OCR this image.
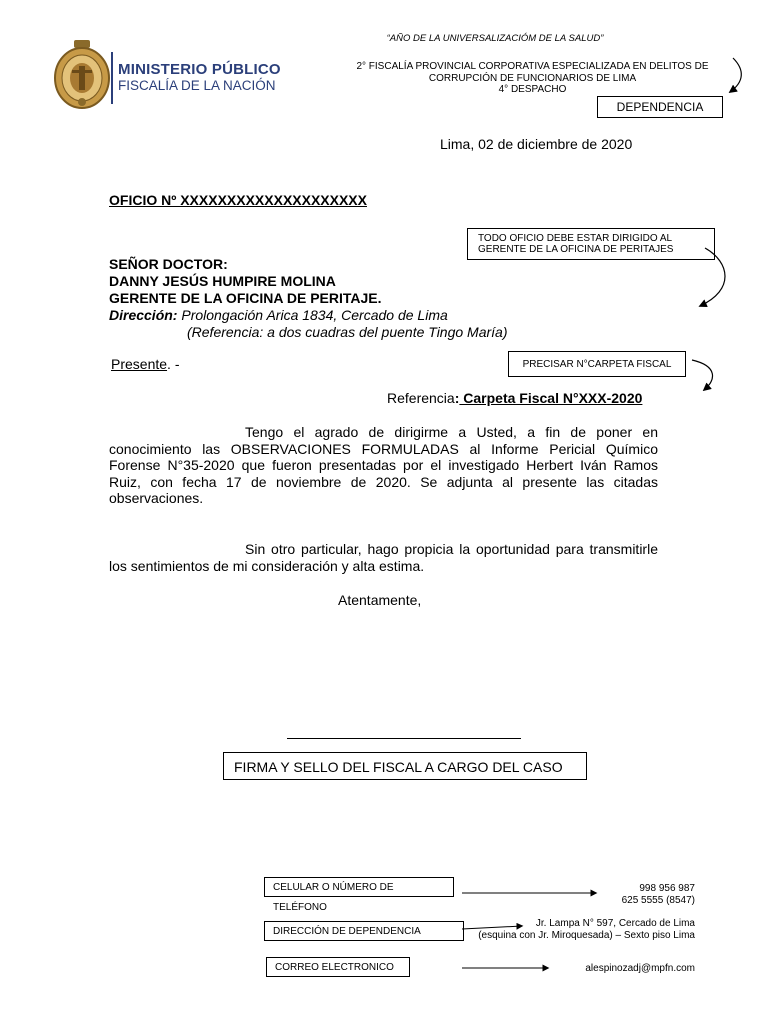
“AÑO DE LA UNIVERSALIZACIÓM DE LA SALUD”
MINISTERIO PÚBLICO
FISCALÍA DE LA NACIÓN
2° FISCALÍA PROVINCIAL CORPORATIVA ESPECIALIZADA EN DELITOS DE
CORRUPCIÓN DE FUNCIONARIOS DE LIMA
4° DESPACHO
DEPENDENCIA
Lima, 02 de diciembre de 2020
OFICIO Nº XXXXXXXXXXXXXXXXXXXX
TODO OFICIO DEBE ESTAR DIRIGIDO AL
GERENTE DE LA OFICINA DE PERITAJES
SEÑOR DOCTOR:
DANNY JESÚS HUMPIRE MOLINA
GERENTE DE LA OFICINA DE PERITAJE.
Dirección: Prolongación Arica 1834, Cercado de Lima
(Referencia: a dos cuadras del puente Tingo María)
Presente. -	PRECISAR N°CARPETA FISCAL
Referencia: Carpeta Fiscal N°XXX-2020
Tengo el agrado de dirigirme a Usted, a fin de poner en conocimiento las OBSERVACIONES FORMULADAS al Informe Pericial Químico Forense N°35-2020 que fueron presentadas por el investigado Herbert Iván Ramos Ruiz, con fecha 17 de noviembre de 2020. Se adjunta al presente las citadas observaciones.
Sin otro particular, hago propicia la oportunidad para transmitirle los sentimientos de mi consideración y alta estima.
Atentamente,
FIRMA Y SELLO DEL FISCAL A CARGO DEL CASO
CELULAR O NÚMERO DE TELÉFONO
998 956 987
625 5555 (8547)
DIRECCIÓN DE DEPENDENCIA
Jr. Lampa N° 597, Cercado de Lima
(esquina con Jr. Miroquesada) – Sexto piso Lima
CORREO ELECTRONICO	alespinozadj@mpfn.com
